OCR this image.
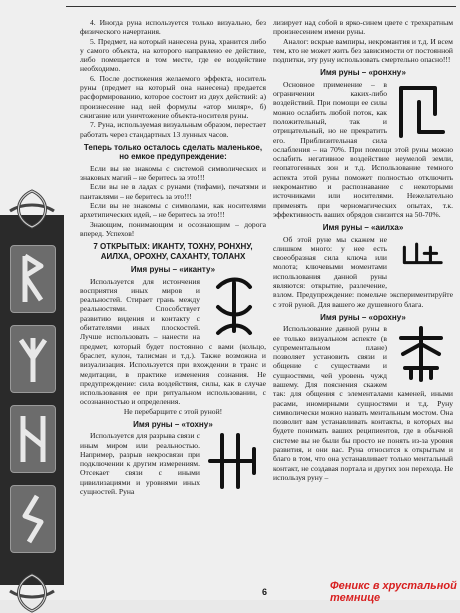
4. Иногда руна используется только визуально, без физического начертания.

5. Предмет, на который нанесена руна, хранится либо у самого объекта, на которого направлено ее действие, либо помещается в том месте, где ее воздействие необходимо.

6. После достижения желаемого эффекта, носитель руны (предмет на который она нанесена) предается расформированию, которое состоит из двух действий: а) произнесение над ней формулы «атор миляр», б) сжигание или уничтожение объекта-носителя руны.

7. Руна, используемая визуальным образом, перестает работать через стандартных 13 лунных часов.

Теперь только осталось сделать маленькое, но емкое предупреждение:

Если вы не знакомы с системой символических и знаковых магий – не беритесь за это!!!

Если вы не в ладах с рунами (тифами), печатями и пантаклями – не беритесь за это!!!

Если вы не знакомы с символами, как носителями архетипических идей, – не беритесь за это!!!

Знающим, понимающим и осознающим – дорога вперед. Успехов!

7 ОТКРЫТЫХ: ИКАНТУ, ТОХНУ, РОНХНУ, АИЛХА, ОРОХНУ, САХАНТУ, ТОЛАНХ
Имя руны – «иканту»

Используется для истончения восприятия иных миров и реальностей. Стирает грань между реальностями. Способствует развитию видения и контакту с обитателями иных плоскостей. Лучше использовать – нанести на предмет, который будет постоянно с вами (кольцо, браслет, кулон, талисман и т.д.). Также возможна и визуализация. Используется при вхождении в транс и медитации, в практике изменения сознания. Не предупреждение: сила воздействия, силы, как в случае использования ее при ритуальном использовании, с осознанностью и определения.

Не перебарщите с этой руной!

Имя руны – «тохну»

Используется для разрыва связи с иным миром или реальностью. Например, разрыв некросвязи при подключении к другим измерениям. Отсекает связи с иными цивилизациями и уровнями иных сущностей. Руна

лизирует над собой в ярко-синем цвете с трехкратным произнесением имени руны.

Аналог: вскрые вампиры, некромантия и т.д. И всем тем, кто не может жить без зависимости от постоянной подпитки, эту руну использовать смертельно опасно!!!

Имя руны – «ронхну»

Основное применение – в ограничении каких-либо воздействий. При помощи ее силы можно ослабить любой поток, как положительный, так и отрицательный, но не прекратить его. Приблизительная сила ослабления – на 70%. При помощи этой руны можно ослабить негативное воздействие неумелой земли, геопатогенных зон и т.д. Использование темного аспекта этой руны поможет полностью отключить некромантию и распознавание с некоторыми источниками или носителями. Нежелательно применять при черномагических опытах, т.к. эффективность ваших обрядов снизится на 50-70%.

Имя руны – «аилха»

Об этой руне мы скажем не слишком много: у нее есть своеобразная сила ключа или молота; ключевыми моментами использования данной руны являются: открытие, разлечение, взлом. Предупреждение: помельче экспериментируйте с этой руной. Для вашего же душевного блага.

Имя руны – «орохну»

Использование данной руны в ее только визуальном аспекте (в супрементальном плане) позволяет установить связи и общение с существами и сущностями, чей уровень чужд вашему. Для пояснения скажем так: для общения с элементалами каменей, иными расами, иномирными сущностями и т.д. Руну символически можно назвать ментальным мостом. Она позволит вам устанавливать контакты, в которых вы будете понимать ваших реципиентов, где в обычной системе вы не были бы просто не понять из-за уровня развития, и они вас. Руна относится к открытым и благо в том, что она устанавливает только ментальный контакт, не создавая портала и других зон перехода. Не используя руну –

6	Феникс в хрустальной темнице
